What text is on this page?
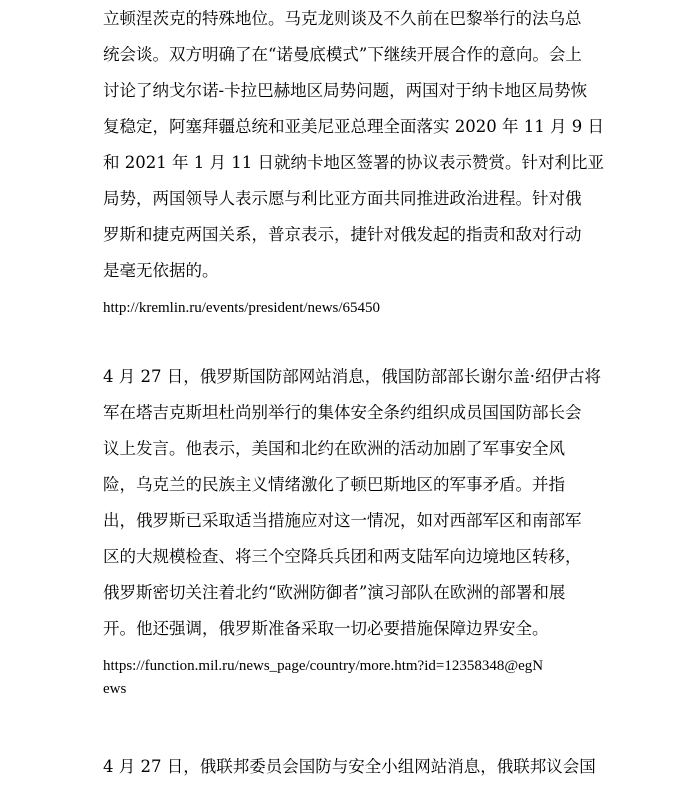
立顿涅茨克的特殊地位。马克龙则谈及不久前在巴黎举行的法乌总
统会谈。双方明确了在“诺曼底模式”下继续开展合作的意向。会上
讨论了纳戈尔诺-卡拉巴赫地区局势问题，两国对于纳卡地区局势恢
复稳定，阿塞拜疆总统和亚美尼亚总理全面落实 2020 年 11 月 9 日
和 2021 年 1 月 11 日就纳卡地区签署的协议表示赞赏。针对利比亚
局势，两国领导人表示愿与利比亚方面共同推进政治进程。针对俄
罗斯和捷克两国关系，普京表示，捷针对俄发起的指责和敌对行动
是毫无依据的。
http://kremlin.ru/events/president/news/65450
4 月 27 日，俄罗斯国防部网站消息，俄国防部部长谢尔盖·绍伊古将
军在塔吉克斯坦杜尚别举行的集体安全条约组织成员国国防部长会
议上发言。他表示，美国和北约在欧洲的活动加剧了军事安全风
险，乌克兰的民族主义情绪激化了顿巴斯地区的军事矛盾。并指
出，俄罗斯已采取适当措施应对这一情况，如对西部军区和南部军
区的大规模检查、将三个空降兵兵团和两支陆军向边境地区转移，
俄罗斯密切关注着北约“欧洲防御者”演习部队在欧洲的部署和展
开。他还强调，俄罗斯准备采取一切必要措施保障边界安全。
https://function.mil.ru/news_page/country/more.htm?id=12358348@egN
ews
4 月 27 日，俄联邦委员会国防与安全小组网站消息，俄联邦议会国
